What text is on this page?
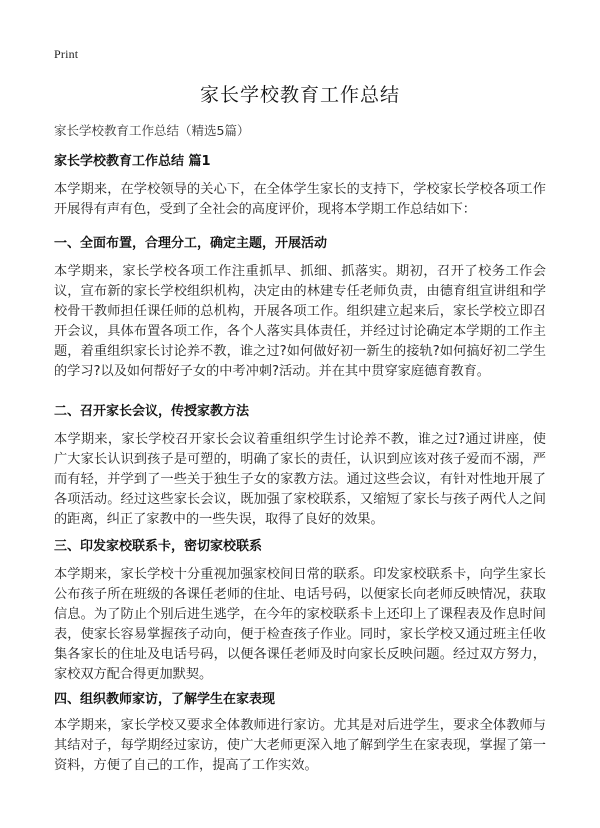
Print
家长学校教育工作总结

家长学校教育工作总结（精选5篇）

家长学校教育工作总结 篇1

本学期来，在学校领导的关心下，在全体学生家长的支持下，学校家长学校各项工作开展得有声有色，受到了全社会的高度评价，现将本学期工作总结如下：

一、全面布置，合理分工，确定主题，开展活动

本学期来，家长学校各项工作注重抓早、抓细、抓落实。期初，召开了校务工作会议，宣布新的家长学校组织机构，决定由的林建专任老师负责，由德育组宣讲组和学校骨干教师担任课任师的总机构，开展各项工作。组织建立起来后，家长学校立即召开会议，具体布置各项工作，各个人落实具体责任，并经过讨论确定本学期的工作主题，着重组织家长讨论养不教，谁之过?如何做好初一新生的接轨?如何搞好初二学生的学习?以及如何帮好子女的中考冲刺?活动。并在其中贯穿家庭德育教育。

二、召开家长会议，传授家教方法

本学期来，家长学校召开家长会议着重组织学生讨论养不教，谁之过?通过讲座，使广大家长认识到孩子是可塑的，明确了家长的责任，认识到应该对孩子爱而不溺，严而有轻，并学到了一些关于独生子女的家教方法。通过这些会议，有针对性地开展了各项活动。经过这些家长会议，既加强了家校联系，又缩短了家长与孩子两代人之间的距离，纠正了家教中的一些失误，取得了良好的效果。

三、印发家校联系卡，密切家校联系

本学期来，家长学校十分重视加强家校间日常的联系。印发家校联系卡，向学生家长公布孩子所在班级的各课任老师的住址、电话号码，以便家长向老师反映情况，获取信息。为了防止个别后进生逃学，在今年的家校联系卡上还印上了课程表及作息时间表，使家长容易掌握孩子动向，便于检查孩子作业。同时，家长学校又通过班主任收集各家长的住址及电话号码，以便各课任老师及时向家长反映问题。经过双方努力，家校双方配合得更加默契。

四、组织教师家访，了解学生在家表现

本学期来，家长学校又要求全体教师进行家访。尤其是对后进学生，要求全体教师与其结对子，每学期经过家访，使广大老师更深入地了解到学生在家表现，掌握了第一资料，方便了自己的工作，提高了工作实效。
